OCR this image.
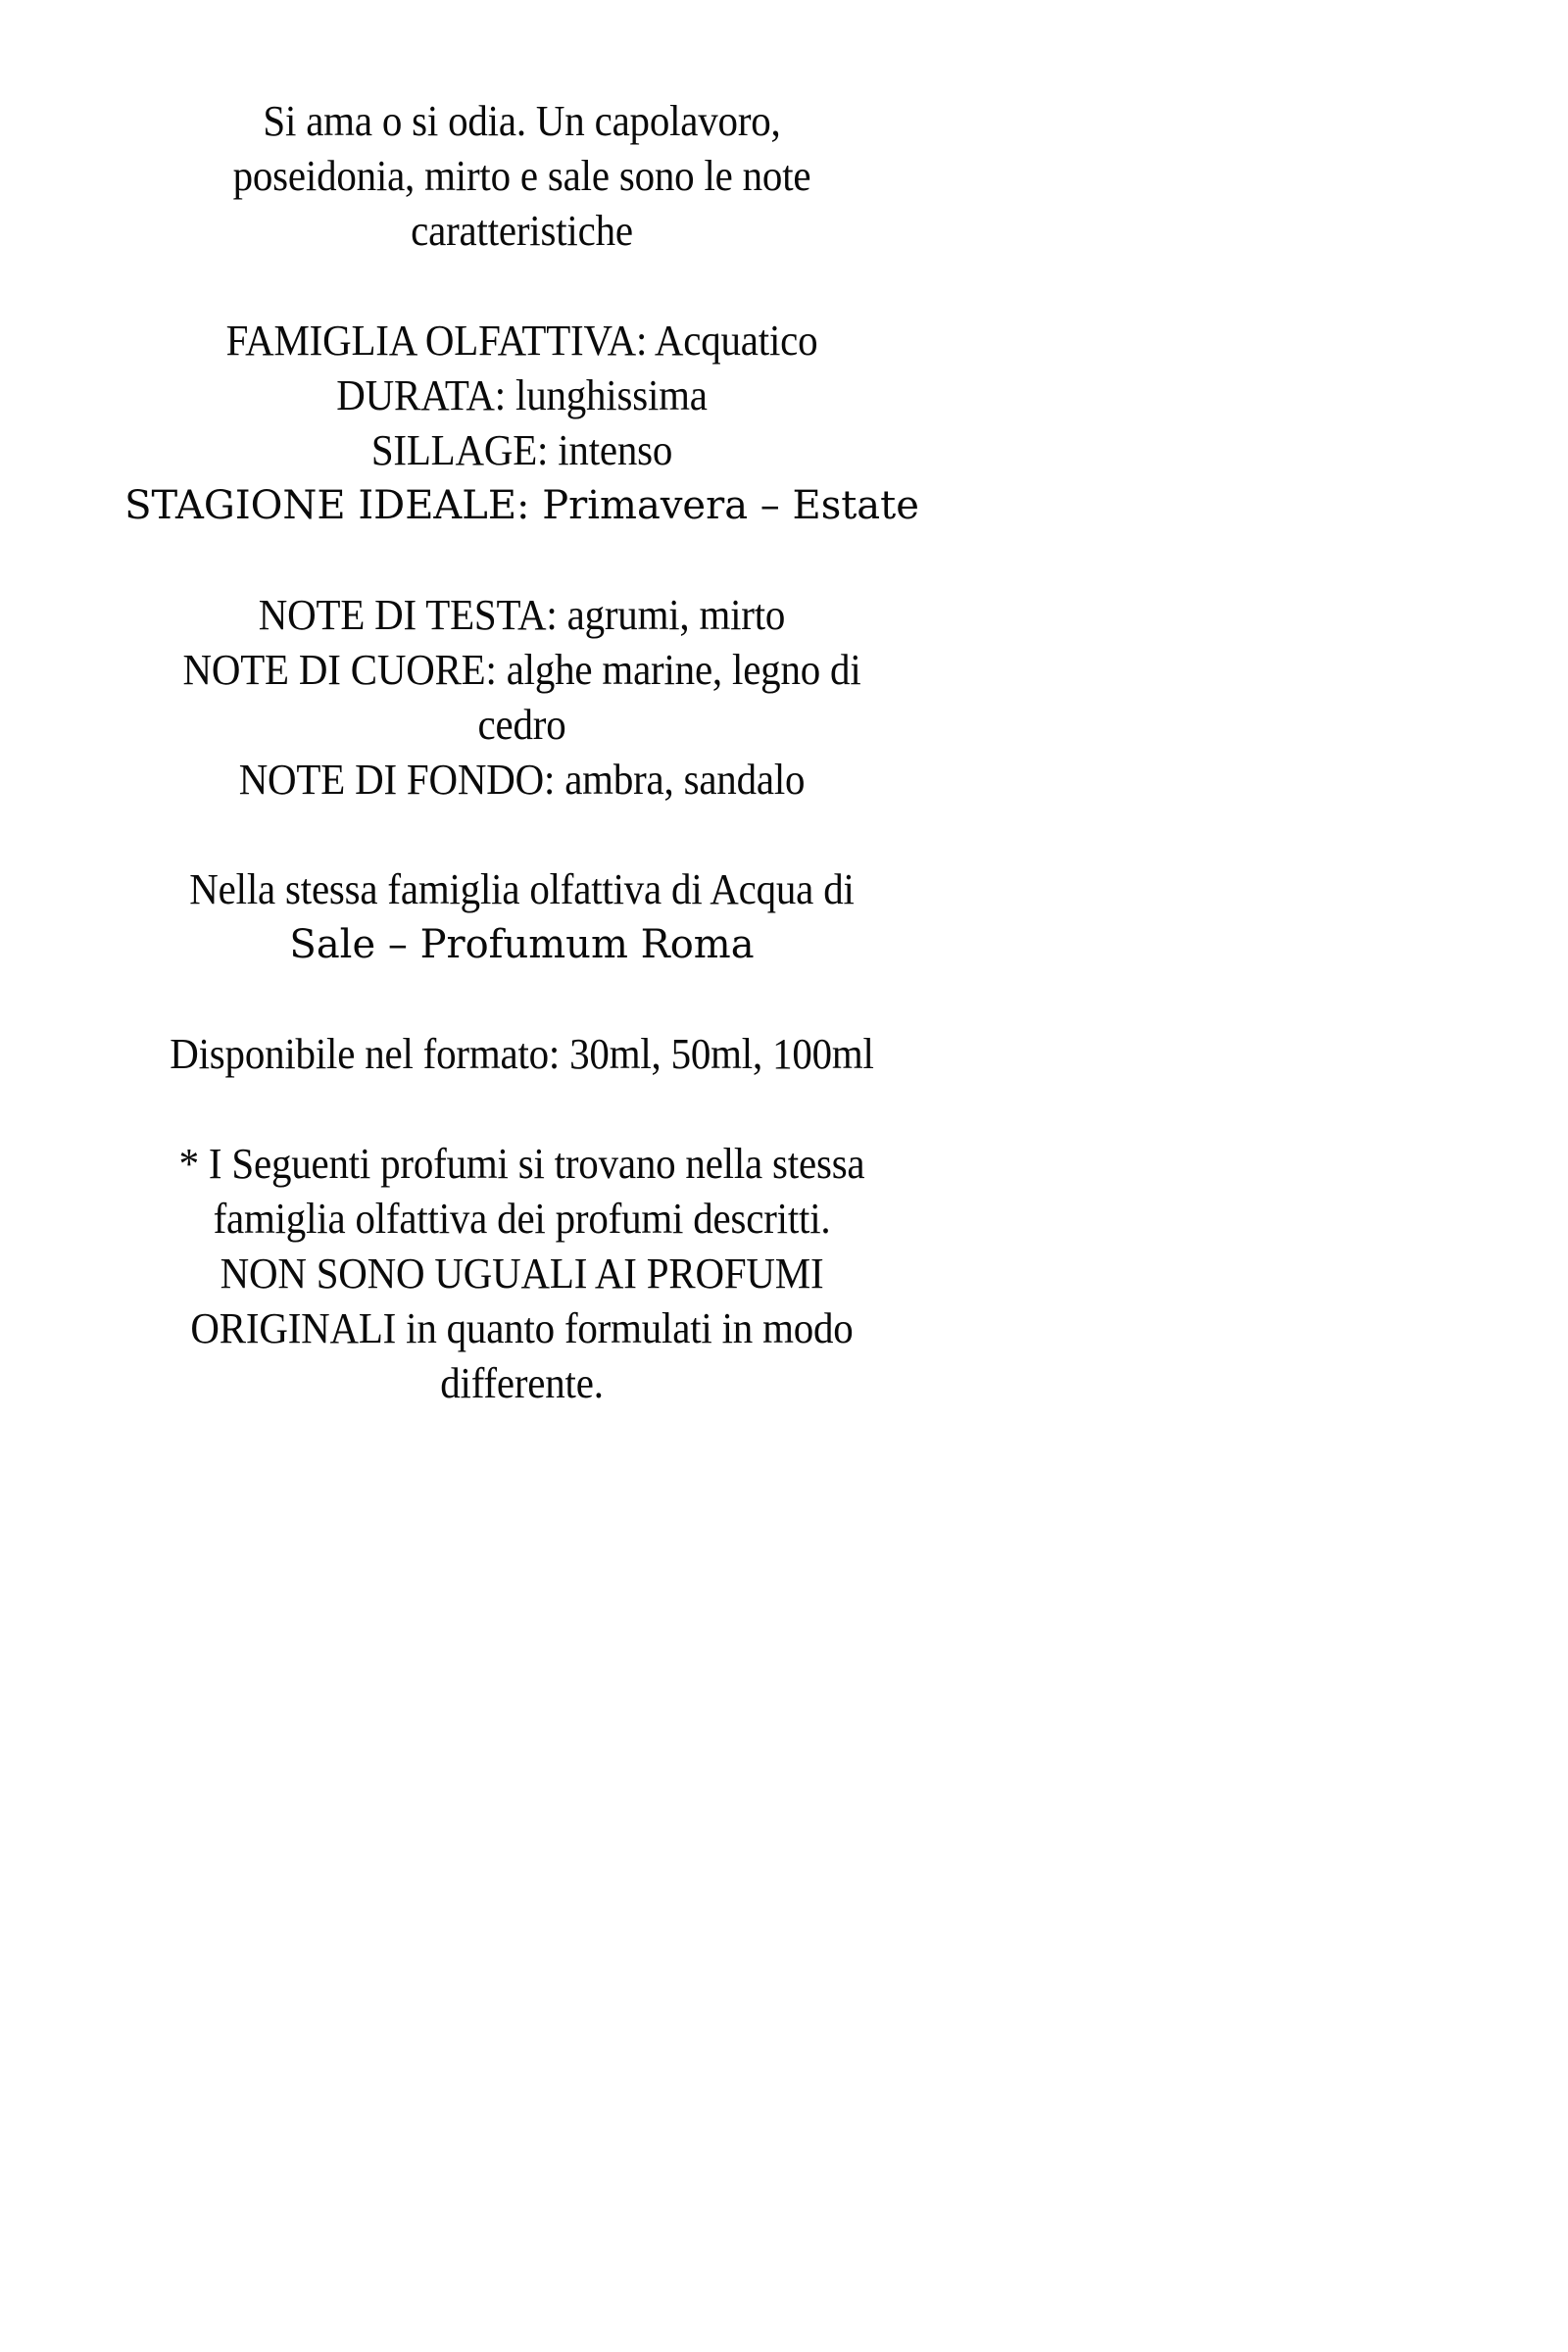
Si ama o si odia. Un capolavoro,
poseidonia, mirto e sale sono le note
caratteristiche
FAMIGLIA OLFATTIVA: Acquatico
DURATA: lunghissima
SILLAGE: intenso
STAGIONE IDEALE: Primavera – Estate
NOTE DI TESTA: agrumi, mirto
NOTE DI CUORE: alghe marine, legno di
cedro
NOTE DI FONDO: ambra, sandalo
Nella stessa famiglia olfattiva di Acqua di
Sale – Profumum Roma
Disponibile nel formato: 30ml, 50ml, 100ml
* I Seguenti profumi si trovano nella stessa
famiglia olfattiva dei profumi descritti.
NON SONO UGUALI AI PROFUMI
ORIGINALI in quanto formulati in modo
differente.
